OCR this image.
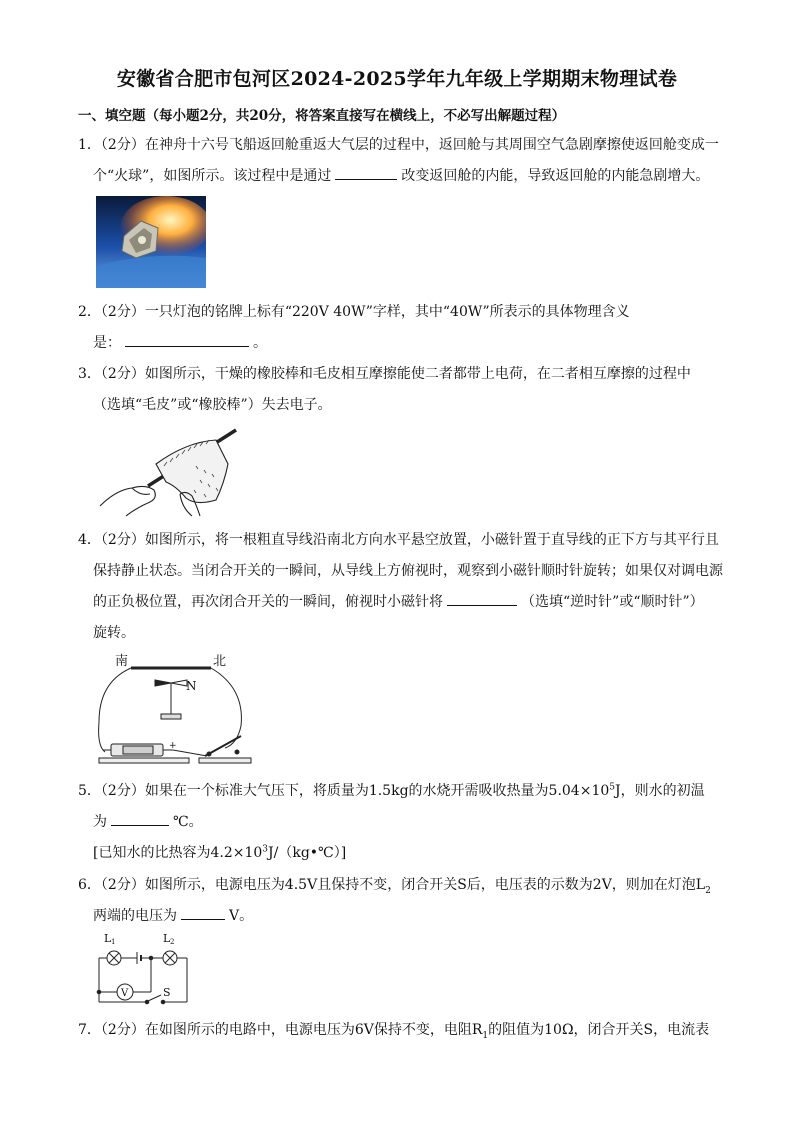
安徽省合肥市包河区2024-2025学年九年级上学期期末物理试卷
一、填空题（每小题2分，共20分，将答案直接写在横线上，不必写出解题过程）
1．（2分）在神舟十六号飞船返回舱重返大气层的过程中，返回舱与其周围空气急剧摩擦使返回舱变成一
个“火球”，如图所示。该过程中是通过	改变返回舱的内能，导致返回舱的内能急剧增大。
2．（2分）一只灯泡的铭牌上标有“220V 40W”字样，其中“40W”所表示的具体物理含义
是：	。
3．（2分）如图所示，干燥的橡胶棒和毛皮相互摩擦能使二者都带上电荷，在二者相互摩擦的过程中
（选填“毛皮”或“橡胶棒”）失去电子。
4．（2分）如图所示，将一根粗直导线沿南北方向水平悬空放置，小磁针置于直导线的正下方与其平行且
保持静止状态。当闭合开关的一瞬间，从导线上方俯视时，观察到小磁针顺时针旋转；如果仅对调电源
的正负极位置，再次闭合开关的一瞬间，俯视时小磁针将	（选填“逆时针”或“顺时针”）
旋转。
南	北
N
+
5．（2分）如果在一个标准大气压下，将质量为1.5kg的水烧开需吸收热量为$5.04\times 10^5J$，则水的初温
为	℃。
[已知水的比热容为$4.2\times 10^3J/(kg•℃)$]
6．（2分）如图所示，电源电压为4.5V且保持不变，闭合开关S后，电压表的示数为2V，则加在灯泡$L_2$
两端的电压为	V。
L 1	L 2
V	S
7．（2分）在如图所示的电路中，电源电压为6V保持不变，电阻$R_1$的阻值为10Ω，闭合开关S，电流表
